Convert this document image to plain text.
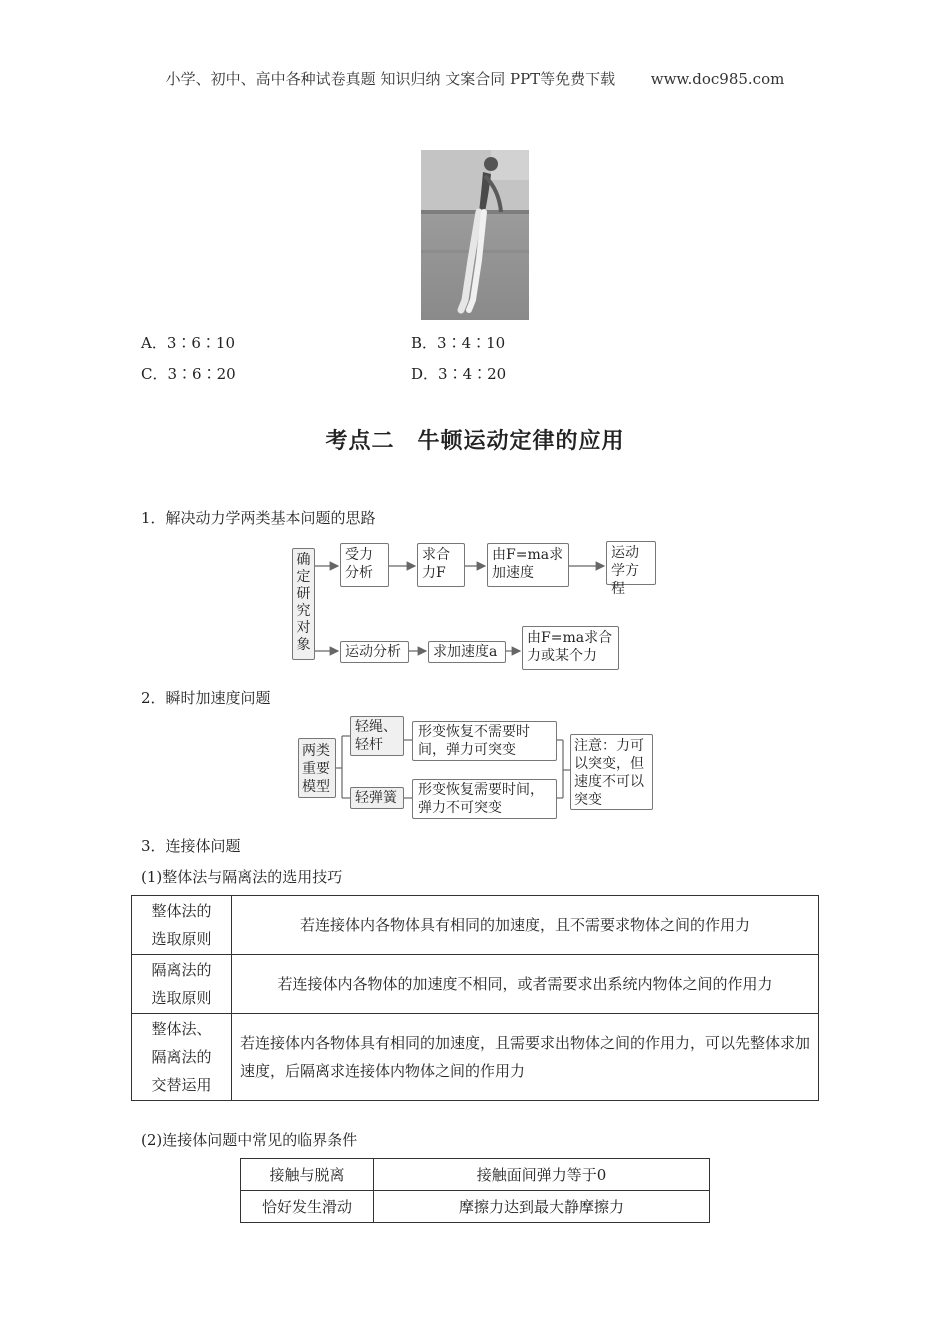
小学、初中、高中各种试卷真题 知识归纳 文案合同 PPT等免费下载 www.doc985.com
A．3∶6∶10	B．3∶4∶10
C．3∶6∶20	D．3∶4∶20
考点二　牛顿运动定律的应用
1．解决动力学两类基本问题的思路
确定研究对象
受力分析
求合力F
由F=ma求加速度
运动学方程
运动分析	求加速度a
由F=ma求合力或某个力
2．瞬时加速度问题
两类重要模型
轻绳、轻杆
形变恢复不需要时间，弹力可突变
轻弹簧	形变恢复需要时间，弹力不可突变
注意：力可以突变，但速度不可以突变
3．连接体问题
(1)整体法与隔离法的选用技巧
整体法的选取原则	若连接体内各物体具有相同的加速度，且不需要求物体之间的作用力
隔离法的选取原则	若连接体内各物体的加速度不相同，或者需要求出系统内物体之间的作用力
整体法、隔离法的交替运用	若连接体内各物体具有相同的加速度，且需要求出物体之间的作用力，可以先整体求加速度，后隔离求连接体内物体之间的作用力
(2)连接体问题中常见的临界条件
接触与脱离	接触面间弹力等于0
恰好发生滑动	摩擦力达到最大静摩擦力
